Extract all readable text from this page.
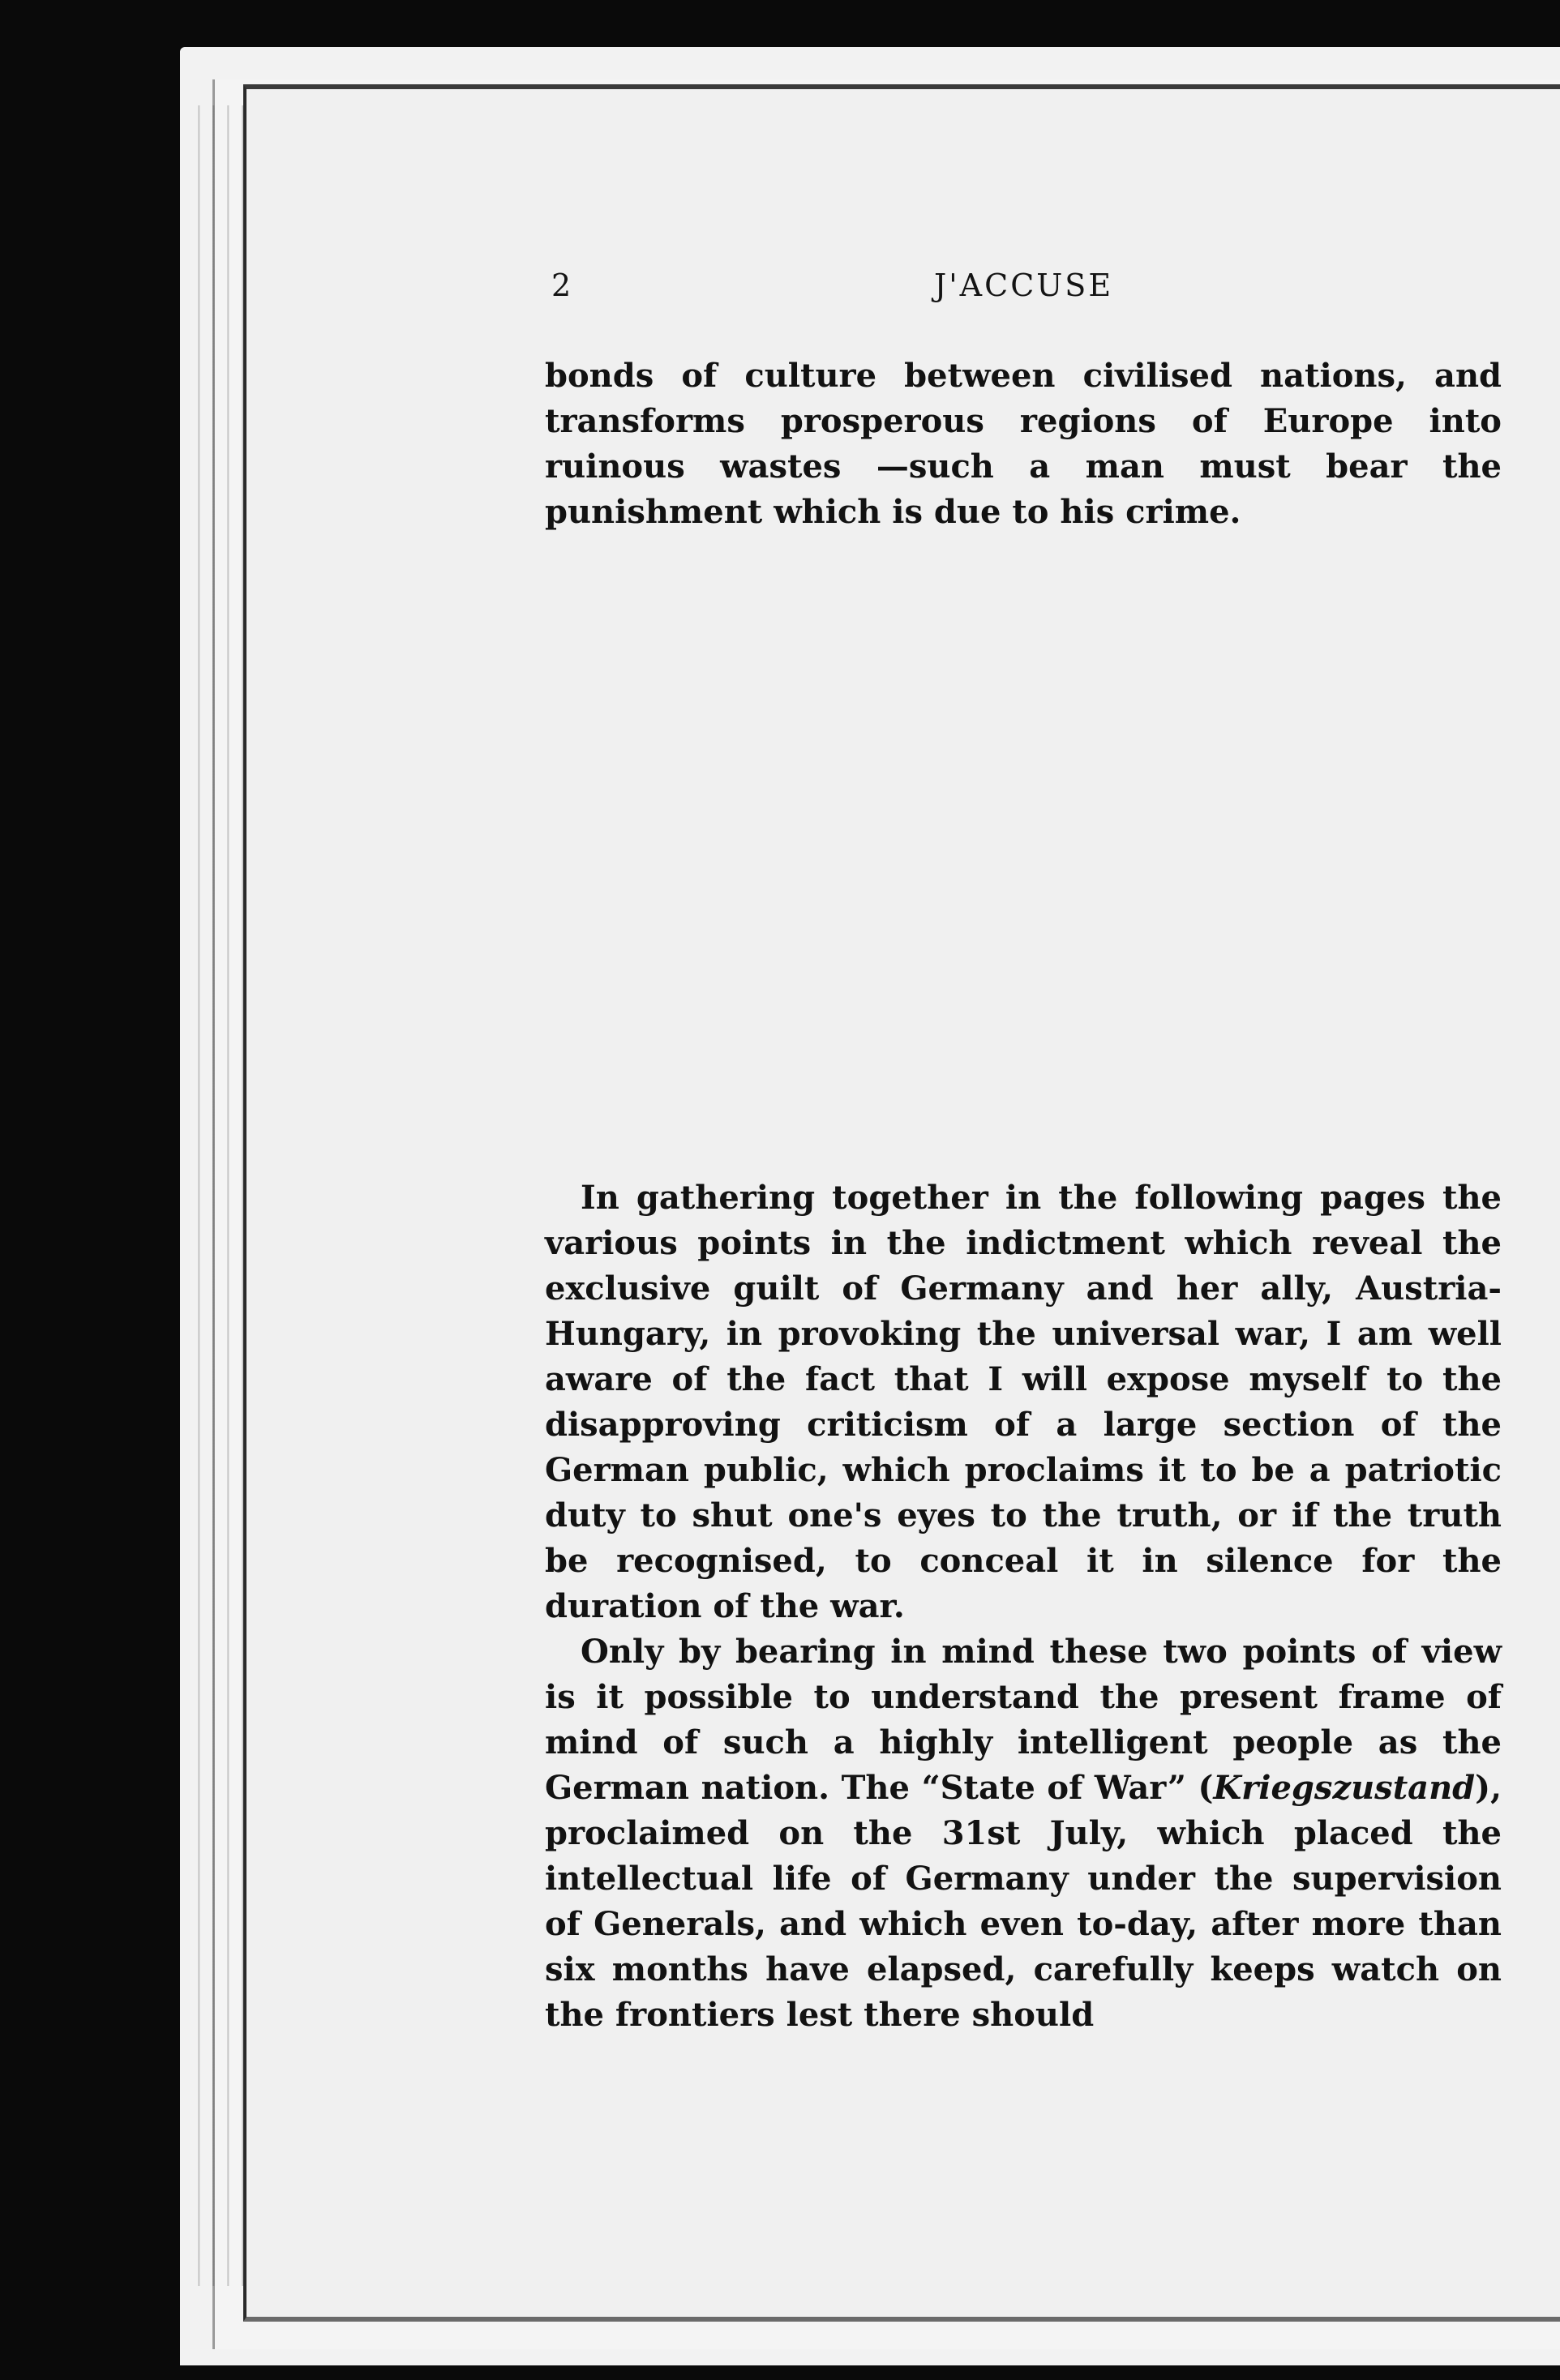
2	J'ACCUSE

bonds of culture between civilised nations, and transforms prosperous regions of Europe into ruinous wastes —such a man must bear the punishment which is due to his crime.

In gathering together in the following pages the various points in the indictment which reveal the exclusive guilt of Germany and her ally, Austria-Hungary, in provoking the universal war, I am well aware of the fact that I will expose myself to the disapproving criticism of a large section of the German public, which proclaims it to be a patriotic duty to shut one's eyes to the truth, or if the truth be recognised, to conceal it in silence for the duration of the war.

Only by bearing in mind these two points of view is it possible to understand the present frame of mind of such a highly intelligent people as the German nation. The “State of War” (Kriegszustand), proclaimed on the 31st July, which placed the intellectual life of Germany under the supervision of Generals, and which even to-day, after more than six months have elapsed, carefully keeps watch on the frontiers lest there should
